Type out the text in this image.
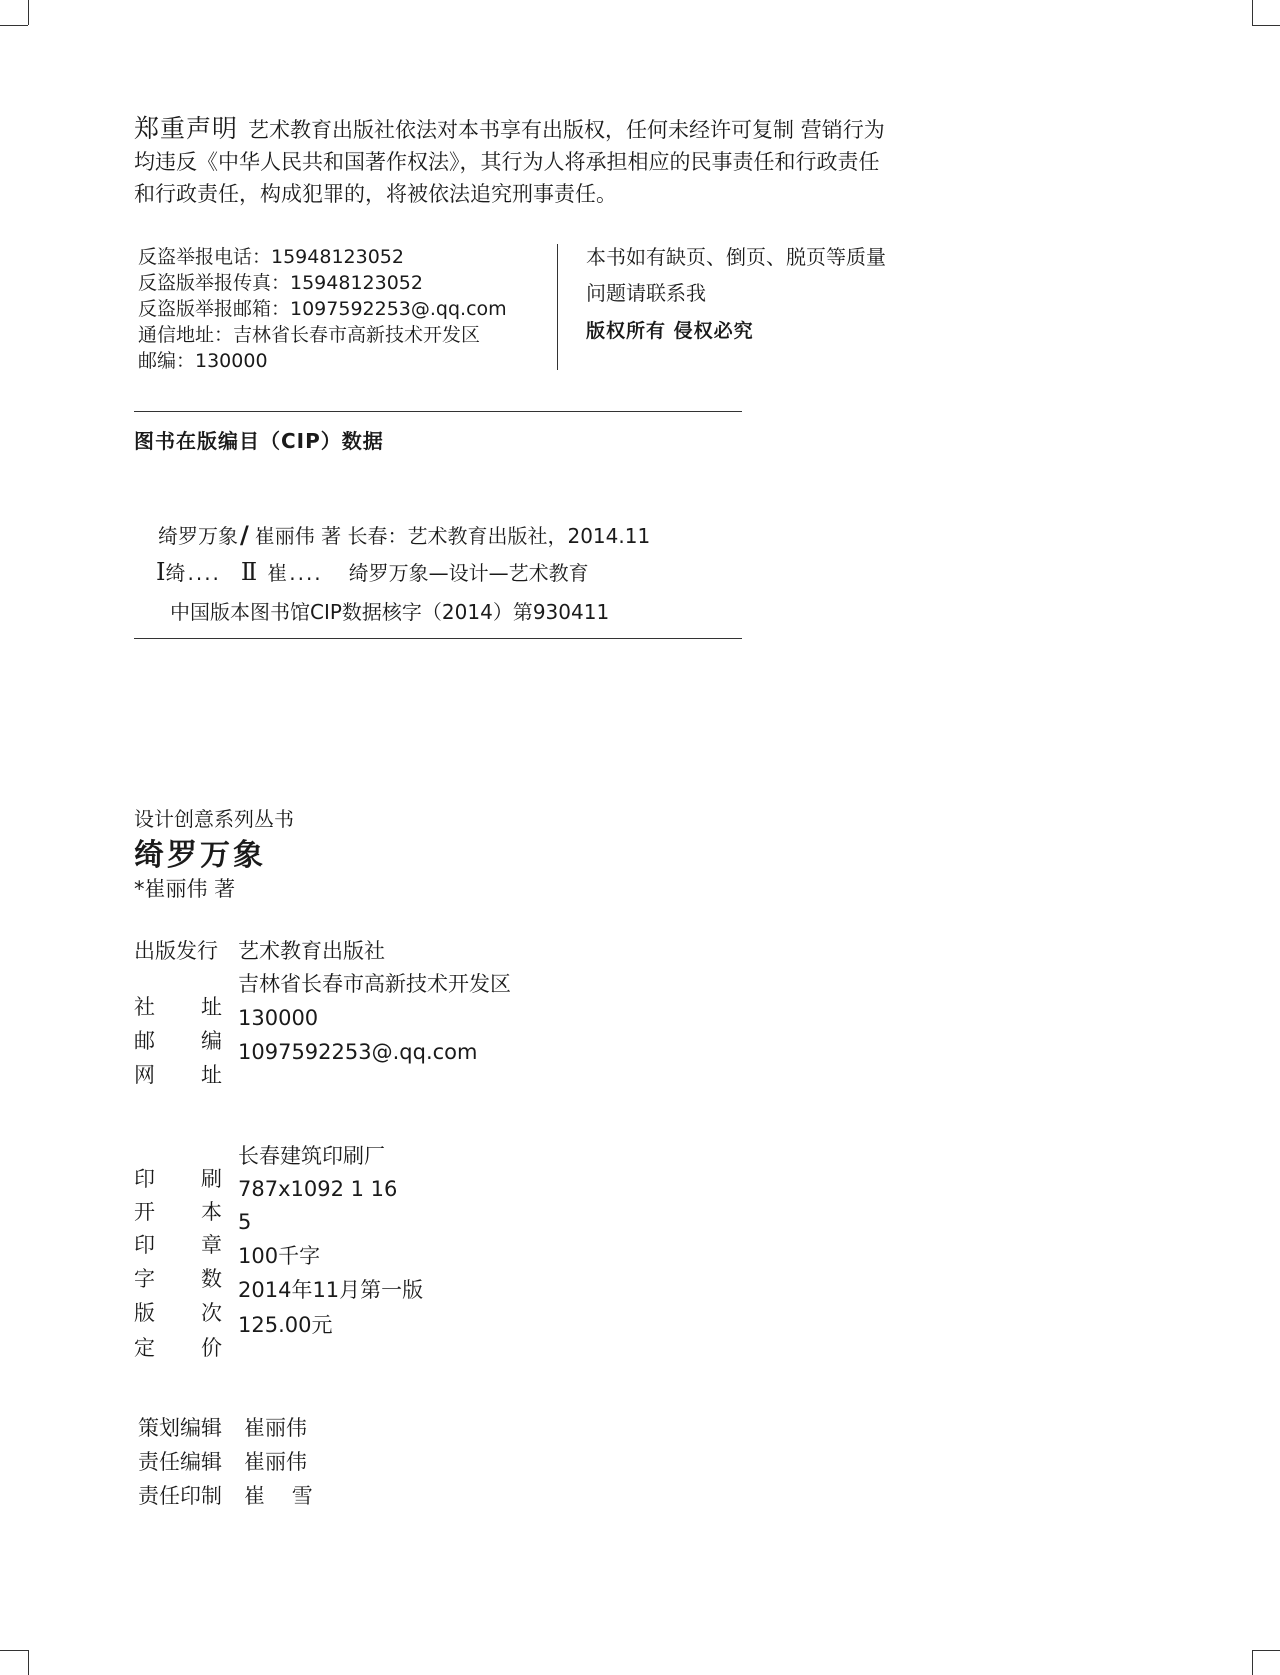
郑重声明 艺术教育出版社依法对本书享有出版权，任何未经许可复制 营销行为
均违反《中华人民共和国著作权法》，其行为人将承担相应的民事责任和行政责任
和行政责任，构成犯罪的，将被依法追究刑事责任。
反盗举报电话：15948123052
反盗版举报传真：15948123052
反盗版举报邮箱：1097592253@.qq.com
通信地址：吉林省长春市高新技术开发区
邮编：130000
本书如有缺页、倒页、脱页等质量
问题请联系我
版权所有 侵权必究
图书在版编目（CIP）数据
绮罗万象/ 崔丽伟 著 长春：艺术教育出版社，2014.11
Ⅰ绮.... Ⅱ 崔.... 绮罗万象—设计—艺术教育
中国版本图书馆CIP数据核字（2014）第930411
设计创意系列丛书
绮罗万象
*崔丽伟 著
出版发行 艺术教育出版社
社 址
吉林省长春市高新技术开发区
邮 编
130000
网 址
1097592253@.qq.com
印 刷
长春建筑印刷厂
开 本
787x1092 1 16
印 章
5
字 数
100千字
版 次
2014年11月第一版
定 价
125.00元
策划编辑 崔丽伟
责任编辑 崔丽伟
责任印制 崔    雪
